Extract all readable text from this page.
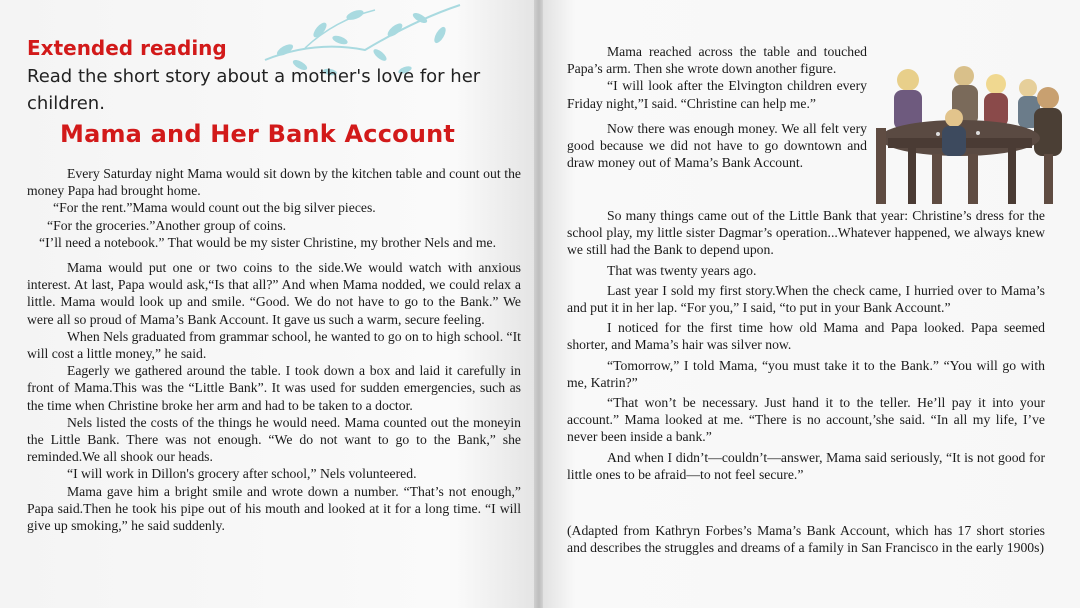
Extended reading
Read the short story about a mother's love for her children.
Mama and Her Bank Account

Every Saturday night Mama would sit down by the kitchen table and count out the money Papa had brought home.

“For the rent.”Mama would count out the big silver pieces.

“For the groceries.”Another group of coins.

“I’ll need a notebook.” That would be my sister Christine, my brother Nels and me.

Mama would put one or two coins to the side.We would watch with anxious interest. At last, Papa would ask,“Is that all?” And when Mama nodded, we could relax a little. Mama would look up and smile. “Good. We do not have to go to the Bank.” We were all so proud of Mama’s Bank Account. It gave us such a warm, secure feeling.

When Nels graduated from grammar school, he wanted to go on to high school. “It will cost a little money,” he said.

Eagerly we gathered around the table. I took down a box and laid it carefully in front of Mama.This was the “Little Bank”. It was used for sudden emergencies, such as the time when Christine broke her arm and had to be taken to a doctor.

Nels listed the costs of the things he would need. Mama counted out the moneyin the Little Bank. There was not enough. “We do not want to go to the Bank,” she reminded.We all shook our heads.

“I will work in Dillon's grocery after school,” Nels volunteered.

Mama gave him a bright smile and wrote down a number. “That’s not enough,” Papa said.Then he took his pipe out of his mouth and looked at it for a long time. “I will give up smoking,” he said suddenly.

Mama reached across the table and touched Papa’s arm. Then she wrote down another figure.

“I will look after the Elvington children every Friday night,”I said. “Christine can help me.”

Now there was enough money. We all felt very good because we did not have to go downtown and draw money out of Mama’s Bank Account.

So many things came out of the Little Bank that year: Christine’s dress for the school play, my little sister Dagmar’s operation...Whatever happened, we always knew we still had the Bank to depend upon.

That was twenty years ago.

Last year I sold my first story.When the check came, I hurried over to Mama’s and put it in her lap. “For you,” I said, “to put in your Bank Account.”

I noticed for the first time how old Mama and Papa looked. Papa seemed shorter, and Mama’s hair was silver now.

“Tomorrow,” I told Mama, “you must take it to the Bank.” “You will go with me, Katrin?”

“That won’t be necessary. Just hand it to the teller. He’ll pay it into your account.” Mama looked at me. “There is no account,’she said. “In all my life, I’ve never been inside a bank.”

And when I didn’t—couldn’t—answer, Mama said seriously, “It is not good for little ones to be afraid—to not feel secure.”

(Adapted from Kathryn Forbes’s Mama’s Bank Account, which has 17 short stories and describes the struggles and dreams of a family in San Francisco in the early 1900s)
